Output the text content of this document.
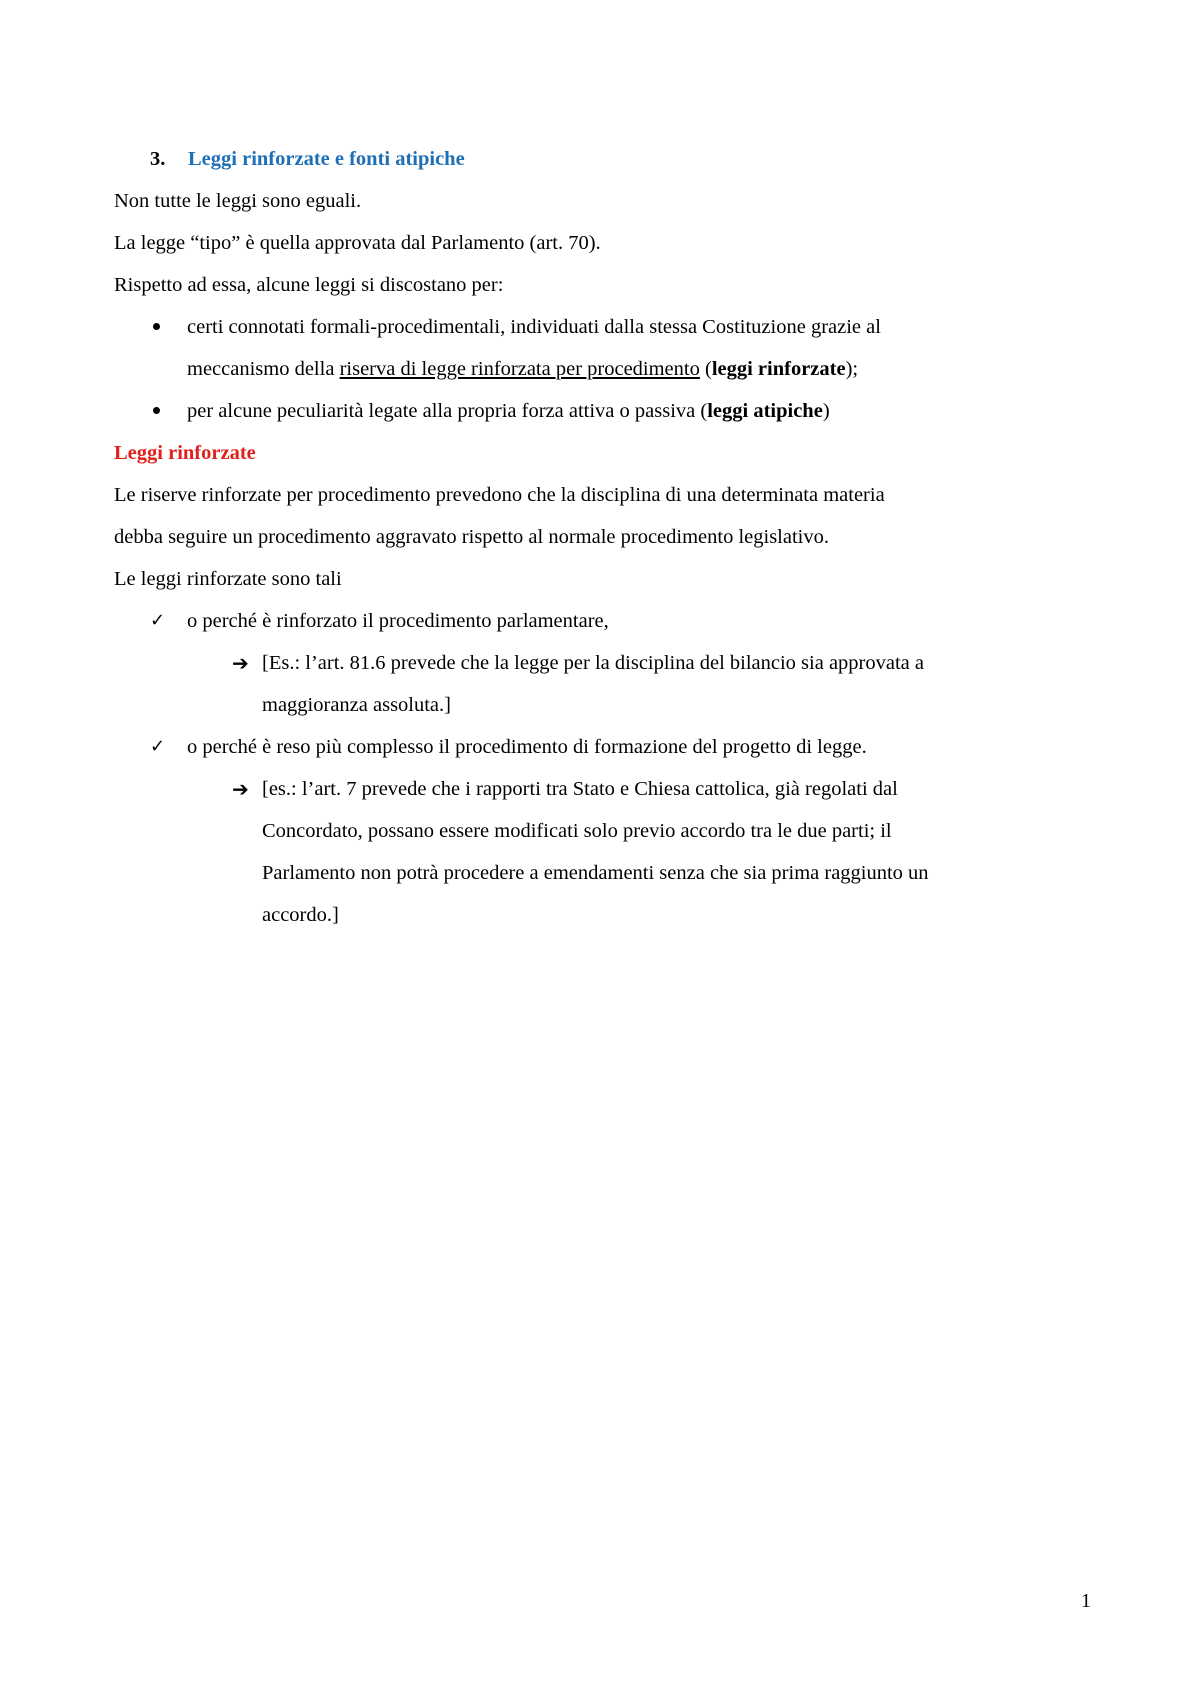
3. Leggi rinforzate e fonti atipiche
Non tutte le leggi sono eguali.
La legge “tipo” è quella approvata dal Parlamento (art. 70).
Rispetto ad essa, alcune leggi si discostano per:
certi connotati formali-procedimentali, individuati dalla stessa Costituzione grazie al
meccanismo della riserva di legge rinforzata per procedimento (leggi rinforzate);
per alcune peculiarità legate alla propria forza attiva o passiva (leggi atipiche)
Leggi rinforzate
Le riserve rinforzate per procedimento prevedono che la disciplina di una determinata materia
debba seguire un procedimento aggravato rispetto al normale procedimento legislativo.
Le leggi rinforzate sono tali
✓ o perché è rinforzato il procedimento parlamentare,
➔ [Es.: l’art. 81.6 prevede che la legge per la disciplina del bilancio sia approvata a
maggioranza assoluta.]
✓ o perché è reso più complesso il procedimento di formazione del progetto di legge.
➔ [es.: l’art. 7 prevede che i rapporti tra Stato e Chiesa cattolica, già regolati dal
Concordato, possano essere modificati solo previo accordo tra le due parti; il
Parlamento non potrà procedere a emendamenti senza che sia prima raggiunto un
accordo.]
1
